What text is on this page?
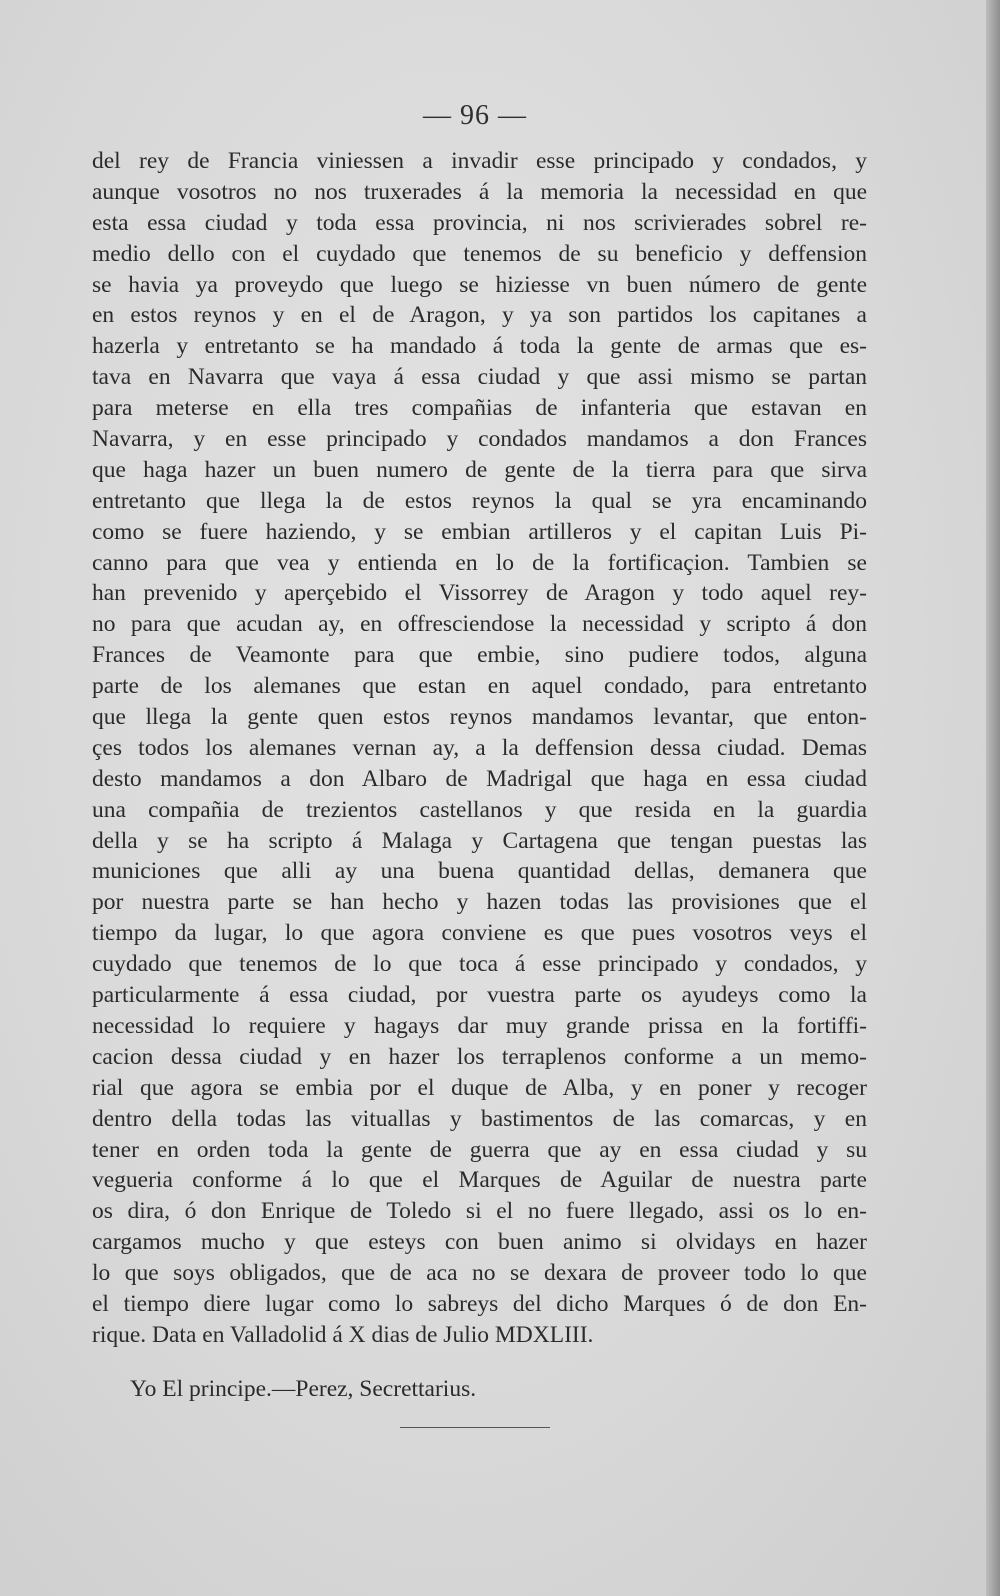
— 96 —
del rey de Francia viniessen a invadir esse principado y condados, y
aunque vosotros no nos truxerades á la memoria la necessidad en que
esta essa ciudad y toda essa provincia, ni nos scrivierades sobrel re-
medio dello con el cuydado que tenemos de su beneficio y deffension
se havia ya proveydo que luego se hiziesse vn buen número de gente
en estos reynos y en el de Aragon, y ya son partidos los capitanes a
hazerla y entretanto se ha mandado á toda la gente de armas que es-
tava en Navarra que vaya á essa ciudad y que assi mismo se partan
para meterse en ella tres compañias de infanteria que estavan en
Navarra, y en esse principado y condados mandamos a don Frances
que haga hazer un buen numero de gente de la tierra para que sirva
entretanto que llega la de estos reynos la qual se yra encaminando
como se fuere haziendo, y se embian artilleros y el capitan Luis Pi-
canno para que vea y entienda en lo de la fortificaçion. Tambien se
han prevenido y aperçebido el Vissorrey de Aragon y todo aquel rey-
no para que acudan ay, en offresciendose la necessidad y scripto á don
Frances de Veamonte para que embie, sino pudiere todos, alguna
parte de los alemanes que estan en aquel condado, para entretanto
que llega la gente quen estos reynos mandamos levantar, que enton-
çes todos los alemanes vernan ay, a la deffension dessa ciudad. Demas
desto mandamos a don Albaro de Madrigal que haga en essa ciudad
una compañia de trezientos castellanos y que resida en la guardia
della y se ha scripto á Malaga y Cartagena que tengan puestas las
municiones que alli ay una buena quantidad dellas, demanera que
por nuestra parte se han hecho y hazen todas las provisiones que el
tiempo da lugar, lo que agora conviene es que pues vosotros veys el
cuydado que tenemos de lo que toca á esse principado y condados, y
particularmente á essa ciudad, por vuestra parte os ayudeys como la
necessidad lo requiere y hagays dar muy grande prissa en la fortiffi-
cacion dessa ciudad y en hazer los terraplenos conforme a un memo-
rial que agora se embia por el duque de Alba, y en poner y recoger
dentro della todas las vituallas y bastimentos de las comarcas, y en
tener en orden toda la gente de guerra que ay en essa ciudad y su
vegueria conforme á lo que el Marques de Aguilar de nuestra parte
os dira, ó don Enrique de Toledo si el no fuere llegado, assi os lo en-
cargamos mucho y que esteys con buen animo si olvidays en hazer
lo que soys obligados, que de aca no se dexara de proveer todo lo que
el tiempo diere lugar como lo sabreys del dicho Marques ó de don En-
rique. Data en Valladolid á X dias de Julio MDXLIII.
Yo El principe.—Perez, Secrettarius.
